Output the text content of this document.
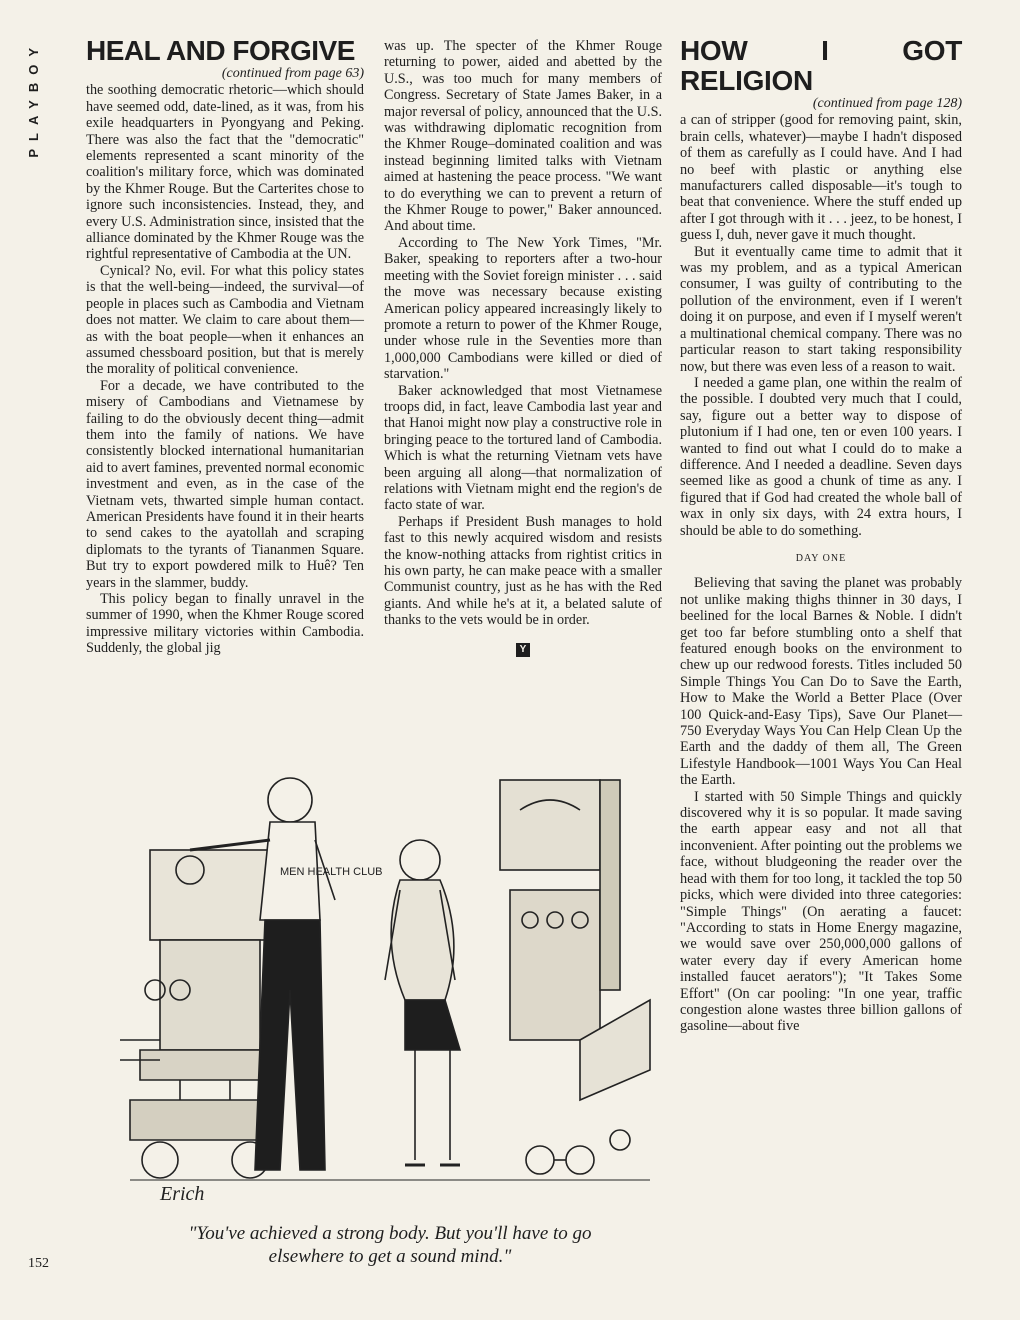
PLAYBOY	HEAL AND FORGIVE

(continued from page 63)

the soothing democratic rhetoric—which should have seemed odd, date-lined, as it was, from his exile headquarters in Pyongyang and Peking. There was also the fact that the "democratic" elements represented a scant minority of the coalition's military force, which was dominated by the Khmer Rouge. But the Carterites chose to ignore such inconsistencies. Instead, they, and every U.S. Administration since, insisted that the alliance dominated by the Khmer Rouge was the rightful representative of Cambodia at the UN.

Cynical? No, evil. For what this policy states is that the well-being—indeed, the survival—of people in places such as Cambodia and Vietnam does not matter. We claim to care about them—as with the boat people—when it enhances an assumed chessboard position, but that is merely the morality of political convenience.

For a decade, we have contributed to the misery of Cambodians and Vietnamese by failing to do the obviously decent thing—admit them into the family of nations. We have consistently blocked international humanitarian aid to avert famines, prevented normal economic investment and even, as in the case of the Vietnam vets, thwarted simple human contact. American Presidents have found it in their hearts to send cakes to the ayatollah and scraping diplomats to the tyrants of Tiananmen Square. But try to export powdered milk to Huê? Ten years in the slammer, buddy.

This policy began to finally unravel in the summer of 1990, when the Khmer Rouge scored impressive military victories within Cambodia. Suddenly, the global jig

was up. The specter of the Khmer Rouge returning to power, aided and abetted by the U.S., was too much for many members of Congress. Secretary of State James Baker, in a major reversal of policy, announced that the U.S. was withdrawing diplomatic recognition from the Khmer Rouge–dominated coalition and was instead beginning limited talks with Vietnam aimed at hastening the peace process. "We want to do everything we can to prevent a return of the Khmer Rouge to power," Baker announced. And about time.

According to The New York Times, "Mr. Baker, speaking to reporters after a two-hour meeting with the Soviet foreign minister . . . said the move was necessary because existing American policy appeared increasingly likely to promote a return to power of the Khmer Rouge, under whose rule in the Seventies more than 1,000,000 Cambodians were killed or died of starvation."

Baker acknowledged that most Vietnamese troops did, in fact, leave Cambodia last year and that Hanoi might now play a constructive role in bringing peace to the tortured land of Cambodia. Which is what the returning Vietnam vets have been arguing all along—that normalization of relations with Vietnam might end the region's de facto state of war.

Perhaps if President Bush manages to hold fast to this newly acquired wisdom and resists the know-nothing attacks from rightist critics in his own party, he can make peace with a smaller Communist country, just as he has with the Red giants. And while he's at it, a belated salute of thanks to the vets would be in order.

Y
HOW I GOT RELIGION

(continued from page 128)

a can of stripper (good for removing paint, skin, brain cells, whatever)—maybe I hadn't disposed of them as carefully as I could have. And I had no beef with plastic or anything else manufacturers called disposable—it's tough to beat that convenience. Where the stuff ended up after I got through with it . . . jeez, to be honest, I guess I, duh, never gave it much thought.

But it eventually came time to admit that it was my problem, and as a typical American consumer, I was guilty of contributing to the pollution of the environment, even if I weren't doing it on purpose, and even if I myself weren't a multinational chemical company. There was no particular reason to start taking responsibility now, but there was even less of a reason to wait.

I needed a game plan, one within the realm of the possible. I doubted very much that I could, say, figure out a better way to dispose of plutonium if I had one, ten or even 100 years. I wanted to find out what I could do to make a difference. And I needed a deadline. Seven days seemed like as good a chunk of time as any. I figured that if God had created the whole ball of wax in only six days, with 24 extra hours, I should be able to do something.

DAY ONE

Believing that saving the planet was probably not unlike making thighs thinner in 30 days, I beelined for the local Barnes & Noble. I didn't get too far before stumbling onto a shelf that featured enough books on the environment to chew up our redwood forests. Titles included 50 Simple Things You Can Do to Save the Earth, How to Make the World a Better Place (Over 100 Quick-and-Easy Tips), Save Our Planet—750 Everyday Ways You Can Help Clean Up the Earth and the daddy of them all, The Green Lifestyle Handbook—1001 Ways You Can Heal the Earth.

I started with 50 Simple Things and quickly discovered why it is so popular. It made saving the earth appear easy and not all that inconvenient. After pointing out the problems we face, without bludgeoning the reader over the head with them for too long, it tackled the top 50 picks, which were divided into three categories: "Simple Things" (On aerating a faucet: "According to stats in Home Energy magazine, we would save over 250,000,000 gallons of water every day if every American home installed faucet aerators"); "It Takes Some Effort" (On car pooling: "In one year, traffic congestion alone wastes three billion gallons of gasoline—about five

MEN HEALTH CLUB
Erich
"You've achieved a strong body. But you'll have to go
elsewhere to get a sound mind."
152
